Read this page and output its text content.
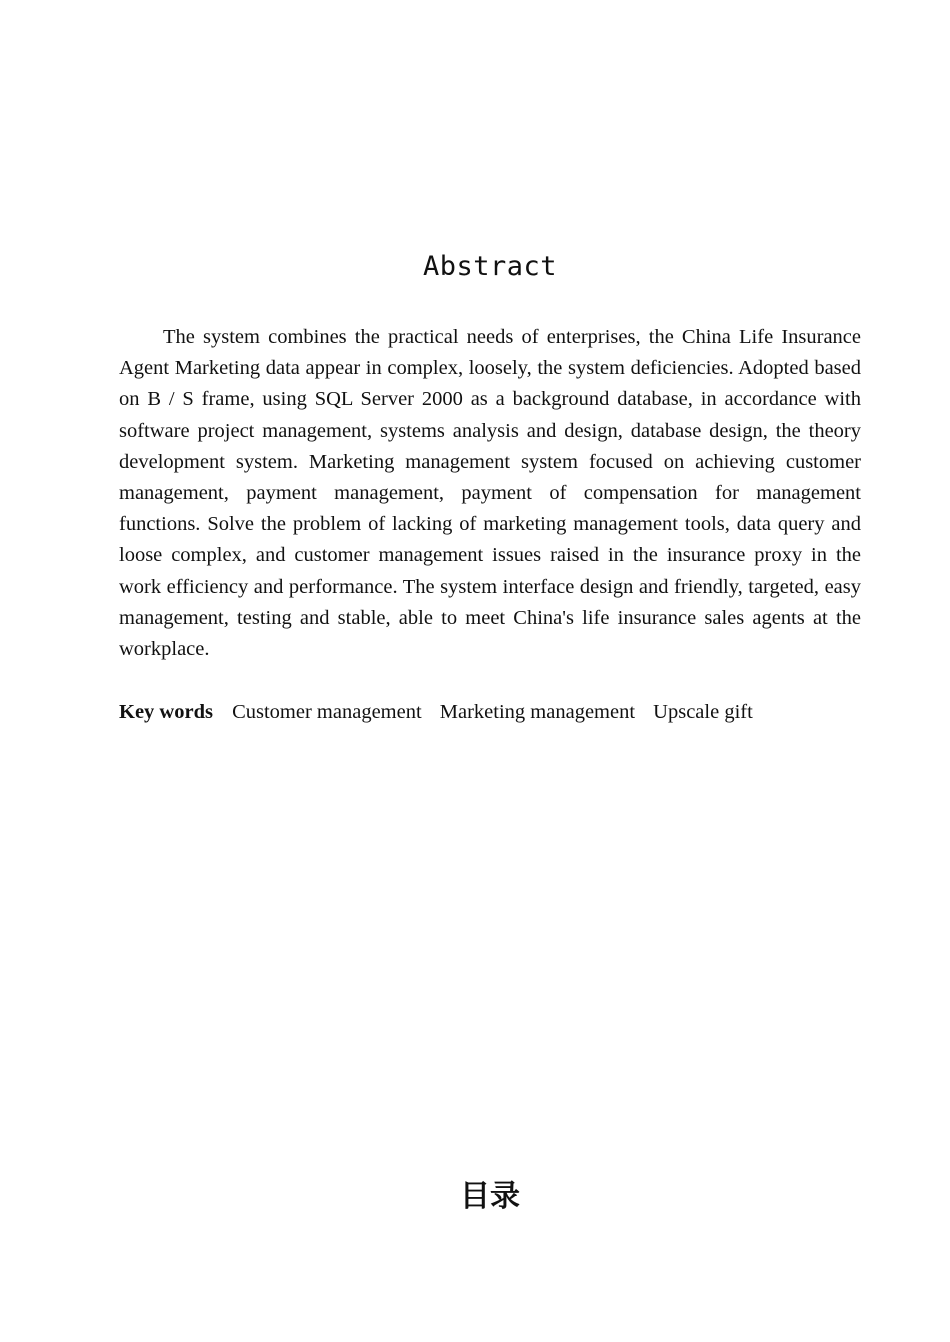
Abstract

The system combines the practical needs of enterprises, the China Life Insurance Agent Marketing data appear in complex, loosely, the system deficiencies. Adopted based on B / S frame, using SQL Server 2000 as a background database, in accordance with software project management, systems analysis and design, database design, the theory development system. Marketing management system focused on achieving customer management, payment management, payment of compensation for management functions. Solve the problem of lacking of marketing management tools, data query and loose complex, and customer management issues raised in the insurance proxy in the work efficiency and performance. The system interface design and friendly, targeted, easy management, testing and stable, able to meet China's life insurance sales agents at the workplace.

Key words Customer management Marketing management Upscale gift
目录
